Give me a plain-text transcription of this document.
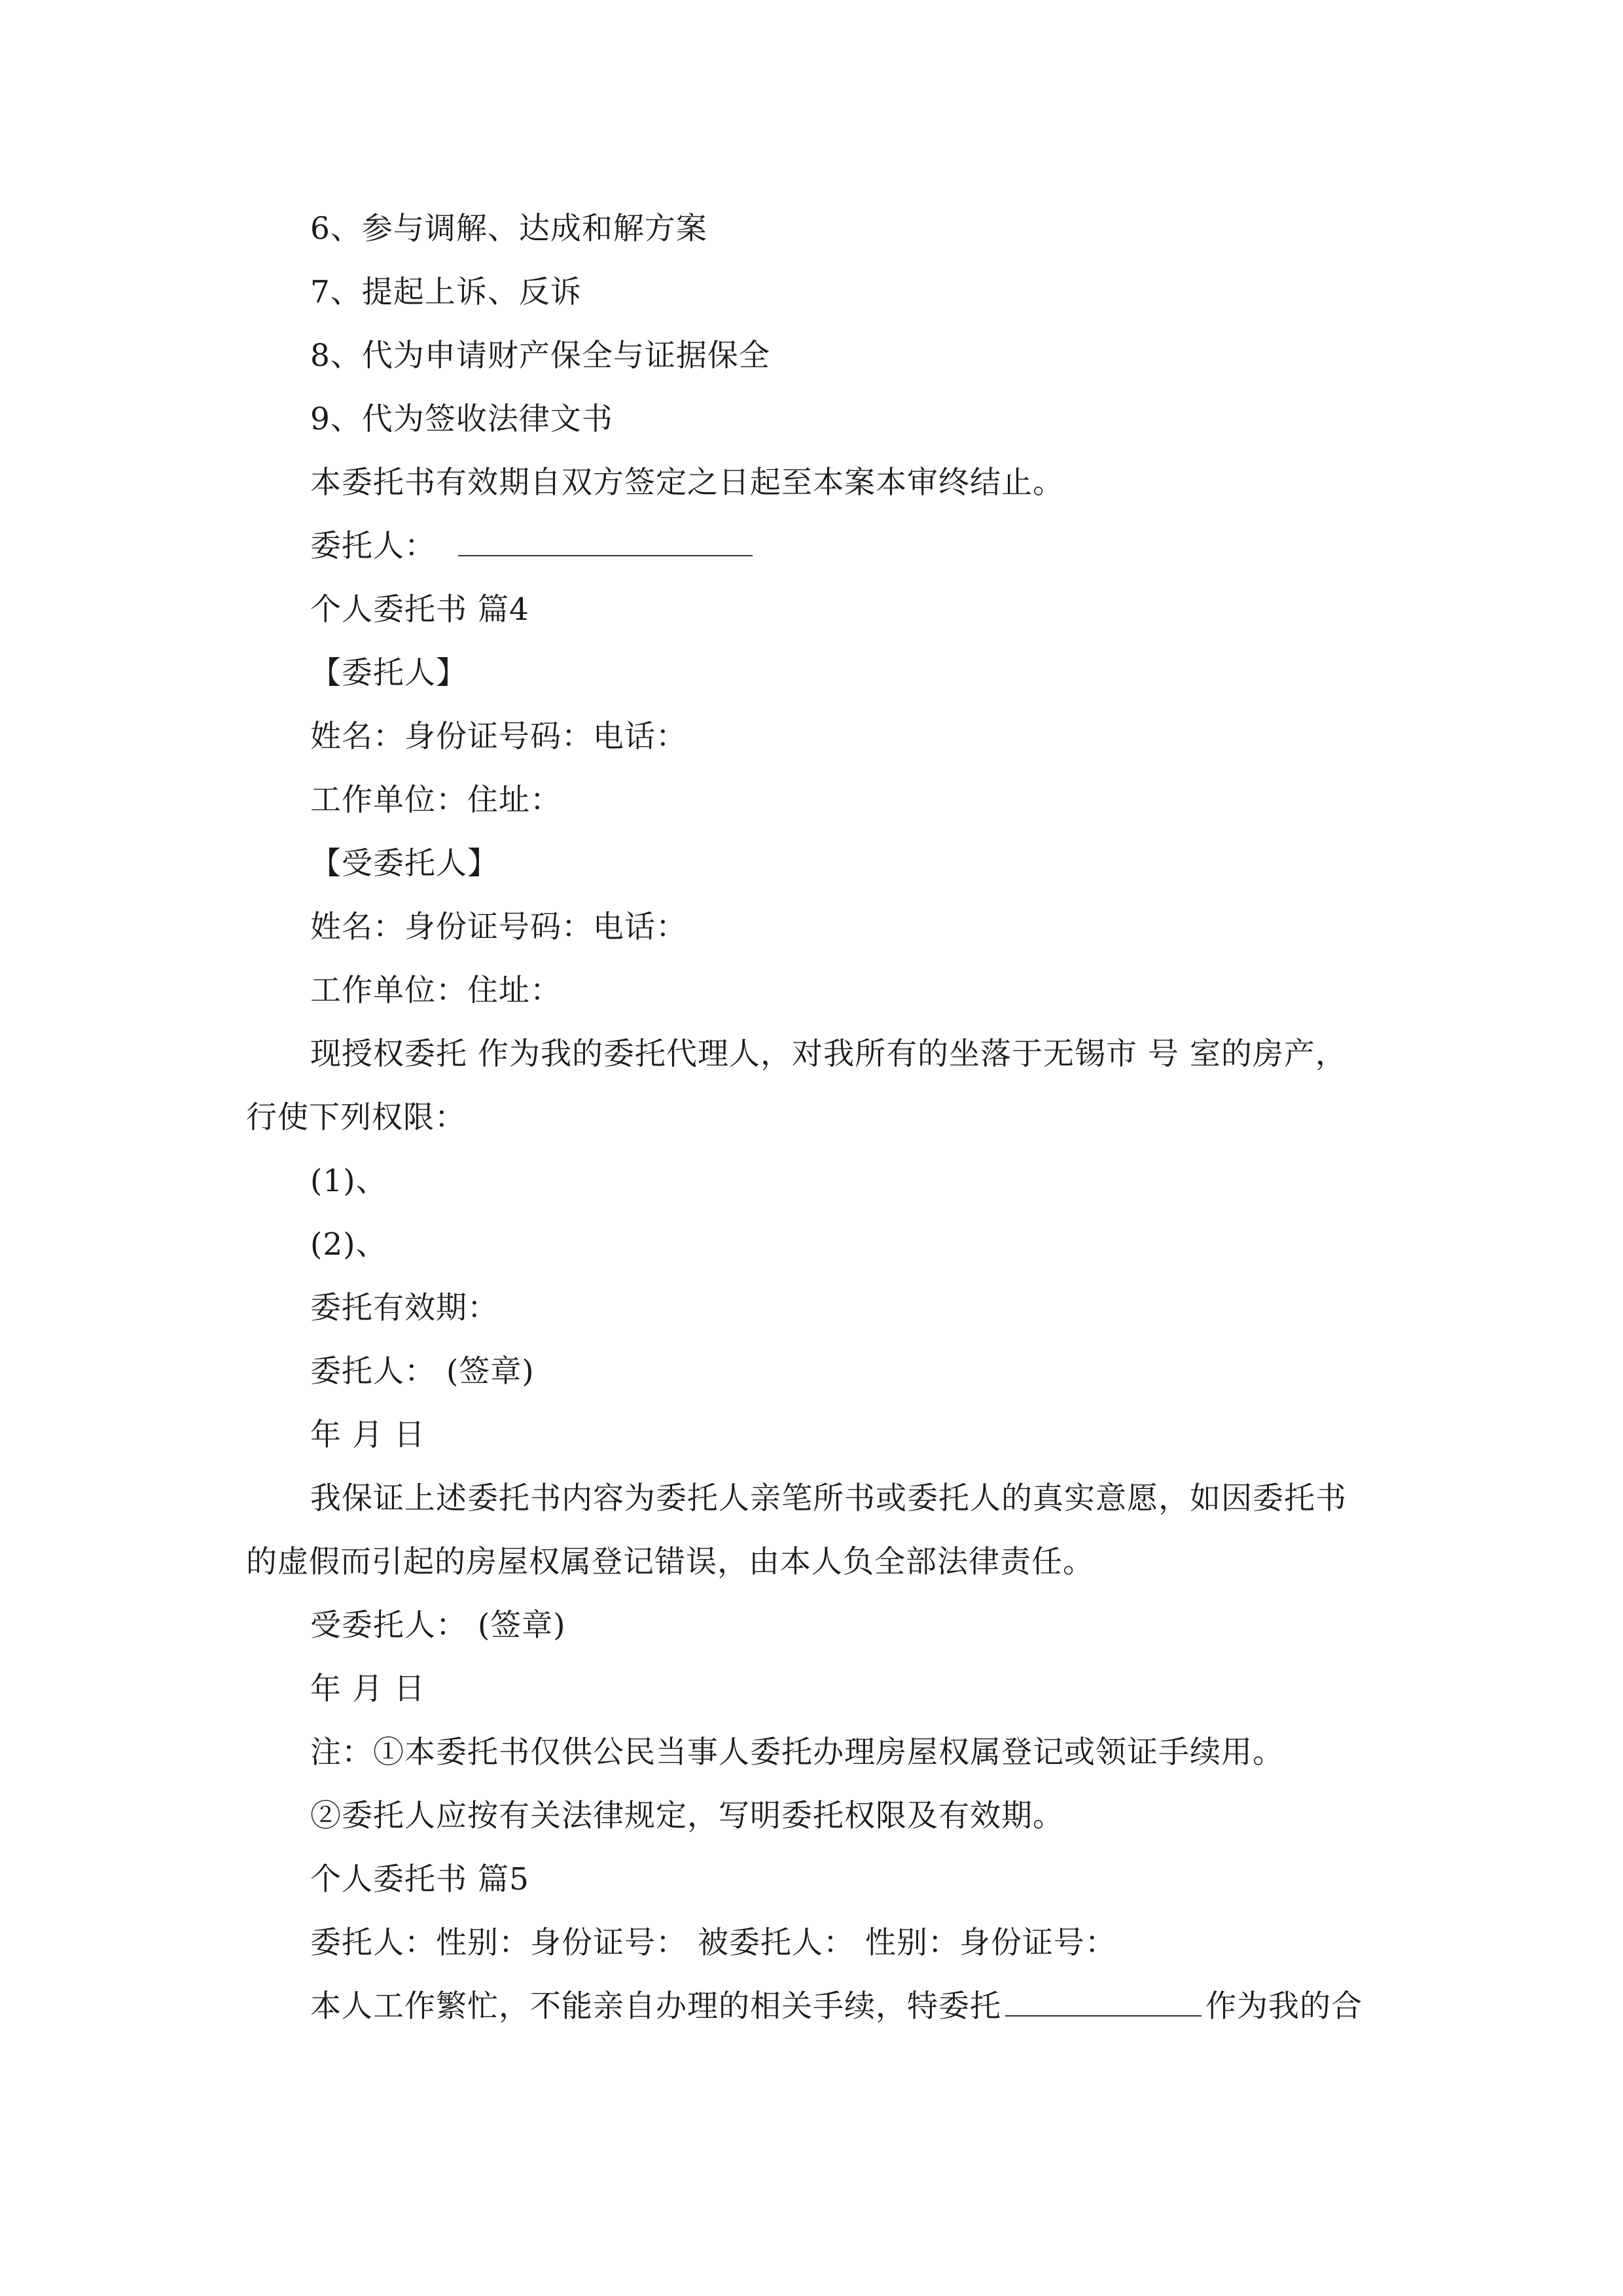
6、参与调解、达成和解方案
7、提起上诉、反诉
8、代为申请财产保全与证据保全
9、代为签收法律文书
本委托书有效期自双方签定之日起至本案本审终结止。
委托人：
个人委托书 篇4
【委托人】
姓名：身份证号码：电话：
工作单位：住址：
【受委托人】
姓名：身份证号码：电话：
工作单位：住址：
现授权委托 作为我的委托代理人，对我所有的坐落于无锡市 号 室的房产，
行使下列权限：
(1)、
(2)、
委托有效期：
委托人： (签章)
年 月 日
我保证上述委托书内容为委托人亲笔所书或委托人的真实意愿，如因委托书
的虚假而引起的房屋权属登记错误，由本人负全部法律责任。
受委托人： (签章)
年 月 日
注：①本委托书仅供公民当事人委托办理房屋权属登记或领证手续用。
②委托人应按有关法律规定，写明委托权限及有效期。
个人委托书 篇5
委托人：性别：身份证号： 被委托人： 性别：身份证号：
本人工作繁忙，不能亲自办理的相关手续，特委托	作为我的合
